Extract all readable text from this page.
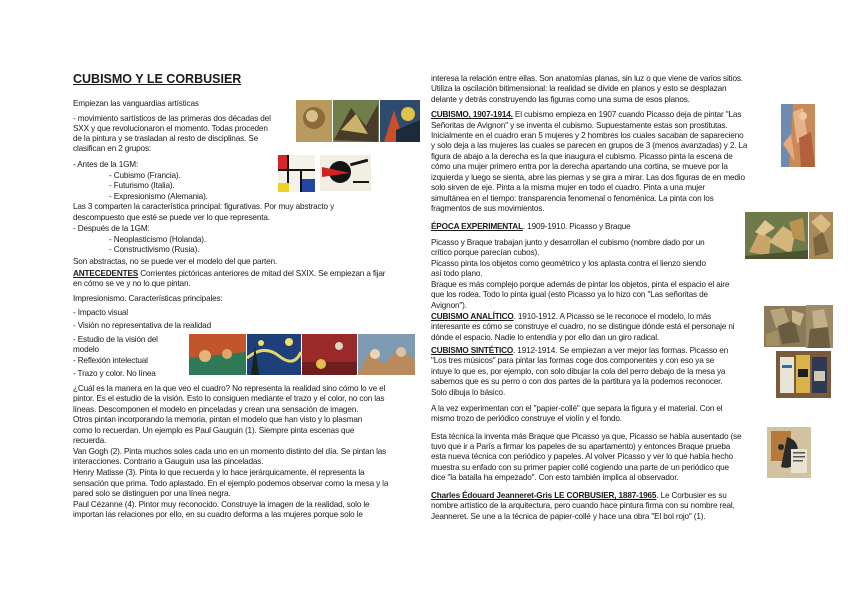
CUBISMO Y LE CORBUSIER
Empiezan las vanguardias artísticas
- movimiento sartísticos de las primeras dos décadas del
SXX y que revolucionaron el momento. Todas proceden
de la pintura y se trasladan al resto de disciplinas. Se
clasifican en 2 grupos:
- Antes de la 1GM:
- Cubismo (Francia).
- Futurismo (Italia).
- Expresionismo (Alemania).
Las 3 comparten la característica principal: figurativas. Por muy abstracto y
descompuesto que esté se puede ver lo que representa.
- Después de la 1GM:
- Neoplasticismo (Holanda).
- Constructivismo (Rusia).
Son abstractas, no se puede ver el modelo del que parten.
ANTECEDENTES Corrientes pictóricas anteriores de mitad del SXIX. Se empiezan a fijar
en cómo se ve y no lo que pintan.
Impresionismo. Características principales:
- Impacto visual
- Visión no representativa de la realidad
- Estudio de la visión del
modelo
- Reflexión intelectual
- Trazo y color. No línea
¿Cuál es la manera en la que veo el cuadro? No representa la realidad sino cómo lo ve el
pintor. Es el estudio de la visión. Esto lo consiguen mediante el trazo y el color, no con las
líneas. Descomponen el modelo en pinceladas y crean una sensación de imagen.
Otros pintan incorporando la memoria, pintan el modelo que han visto y lo plasman
como lo recuerdan. Un ejemplo es Paul Gauguin (1). Siempre pinta escenas que
recuerda.
Van Gogh (2). Pinta muchos soles cada uno en un momento distinto del día. Se pintan las
interacciones. Contrario a Gauguin usa las pinceladas.
Henry Matisse (3). Pinta lo que recuerda y lo hace jerárquicamente, él representa la
sensación que prima. Todo aplastado. En el ejemplo podemos observar como la mesa y la
pared solo se distinguen por una línea negra.
Paul Cézanne (4). Pintor muy reconocido. Construye la imagen de la realidad, solo le
importan las relaciones por ello, en su cuadro deforma a las mujeres porque solo le
interesa la relación entre ellas. Son anatomías planas, sin luz o que viene de varios sitios.
Utiliza la oscilación bitimensional: la realidad se divide en planos y esto se desplazan
delante y detrás construyendo las figuras como una suma de esos planos.
CUBISMO, 1907-1914. El cubismo empieza en 1907 cuando Picasso deja de pintar "Las
Señoritas de Avignon" y se inventa el cubismo. Supuestamente estas son prostitutas.
Inicialmente en el cuadro eran 5 mujeres y 2 hombres los cuales sacaban de saparecieno
y solo deja a las mujeres las cuales se parecen en grupos de 3 (menos avanzadas) y 2. La
figura de abajo a la derecha es la que inaugura el cubismo. Picasso pinta la escena de
cómo una mujer primero entra por la derecha apartando una cortina, se mueve por la
izquierda y luego se sienta, abre las piernas y se gira a mirar. Las dos figuras de en medio
solo sirven de eje. Pinta a la misma mujer en todo el cuadro. Pinta a una mujer
simultánea en el tiempo: transparencia fenomenal o fenoménica. La pinta con los
fragmentos de sus movimientos.
ÉPOCA EXPERIMENTAL. 1909-1910. Picasso y Braque
Picasso y Braque trabajan junto y desarrollan el cubismo (nombre dado por un
crítico porque parecían cubos).
Picasso pinta los objetos como geométrico y los aplasta contra el lienzo siendo
así todo plano.
Braque es más complejo porque además de pintar los objetos, pinta el espacio el aire
que los rodea. Todo lo pinta igual (esto Picasso ya lo hizo con "Las señoritas de
Avignon").
CUBISMO ANALÍTICO. 1910-1912. A Picasso se le reconoce el modelo, lo más
interesante es cómo se construye el cuadro, no se distingue dónde está el personaje ni
dónde el espacio. Nadie lo entendía y por ello dan un giro radical.
CUBISMO SINTÉTICO. 1912-1914. Se empiezan a ver mejor las formas. Picasso en
"Los tres músicos" para pintar las formas coge dos componentes y con eso ya se
intuye lo que es, por ejemplo, con solo dibujar la cola del perro debajo de la mesa ya
sabemos que es su perro o con dos partes de la partitura ya la podemos reconocer.
Solo dibuja lo básico.
A la vez experimentan con el "papier-collé" que separa la figura y el material. Con el
mismo trozo de periódico construye el violín y el fondo.
Esta técnica la inventa más Braque que Picasso ya que, Picasso se había ausentado (se
tuvo que ir a París a firmar los papeles de su apartamento) y entonces Braque prueba
esta nueva técnica con periódico y papeles. Al volver Picasso y ver lo que había hecho
muestra su enfado con su primer papier collé cogiendo una parte de un periódico que
dice "la batalla ha empezado". Con esto también implica al observador.
Charles Édouard Jeanneret-Gris LE CORBUSIER, 1887-1965. Le Corbusier es su
nombre artístico de la arquitectura, pero cuando hace pintura firma con su nombre real,
Jeanneret. Se une a la técnica de papier-collé y hace una obra "El bol rojo" (1).
